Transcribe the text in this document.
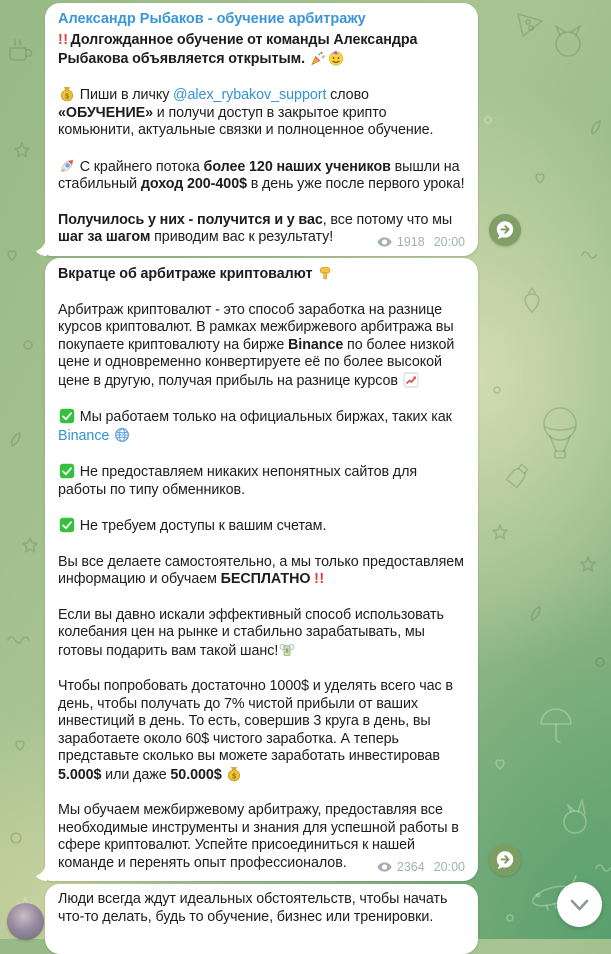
Александр Рыбаков - обучение арбитражу
!! Долгожданное обучение от команды Александра Рыбакова объявляется открытым.
$ Пиши в личку @alex_rybakov_support слово «ОБУЧЕНИЕ» и получи доступ в закрытое крипто комьюнити, актуальные связки и полноценное обучение.
С крайнего потока более 120 наших учеников вышли на стабильный доход 200-400$ в день уже после первого урока!
Получилось у них - получится и у вас, все потому что мы шаг за шагом приводим вас к результату!	1918 20:00
Вкратце об арбитраже криптовалют
Арбитраж криптовалют - это способ заработка на разнице курсов криптовалют. В рамках межбиржевого арбитража вы покупаете криптовалюту на бирже Binance по более низкой цене и одновременно конвертируете её по более высокой цене в другую, получая прибыль на разнице курсов
Мы работаем только на официальных биржах, таких как Binance
Не предоставляем никаких непонятных сайтов для работы по типу обменников.
Не требуем доступы к вашим счетам.
Вы все делаете самостоятельно, а мы только предоставляем информацию и обучаем БЕСПЛАТНО !!
Если вы давно искали эффективный способ использовать колебания цен на рынке и стабильно зарабатывать, мы готовы подарить вам такой шанс! $
Чтобы попробовать достаточно 1000$ и уделять всего час в день, чтобы получать до 7% чистой прибыли от ваших инвестиций в день. То есть, совершив 3 круга в день, вы заработаете около 60$ чистого заработка. А теперь представьте сколько вы можете заработать инвестировав 5.000$ или даже 50.000$ $
Мы обучаем межбиржевому арбитражу, предоставляя все необходимые инструменты и знания для успешной работы в сфере криптовалют. Успейте присоединиться к нашей команде и перенять опыт профессионалов.	2364 20:00
Люди всегда ждут идеальных обстоятельств, чтобы начать что-то делать, будь то обучение, бизнес или тренировки.
